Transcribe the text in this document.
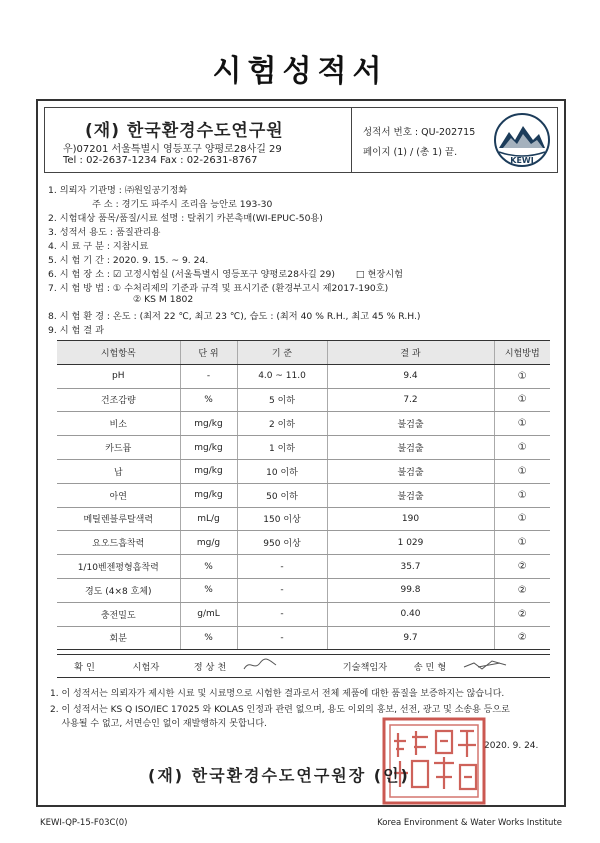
시험성적서
(재) 한국환경수도연구원
우)07201 서울특별시 영등포구 양평로28사길 29
Tel : 02-2637-1234 Fax : 02-2631-8767
성적서 번호 : QU-202715
페이지 (1) / (총 1) 끝.
KEWI
1. 의뢰자 기관명 : ㈜원일공기정화
주 소 : 경기도 파주시 조리읍 능안로 193-30
2. 시험대상 품목/품질/시료 설명 : 탈취기 카본촉매(WI-EPUC-50용)
3. 성적서 용도 : 품질관리용
4. 시 료 구 분 : 지참시료
5. 시 험 기 간 : 2020. 9. 15. ~ 9. 24.
6. 시 험 장 소 : ☑ 고정시험실 (서울특별시 영등포구 양평로28사길 29) □ 현장시험
7. 시 험 방 법 : ① 수처리제의 기준과 규격 및 표시기준 (환경부고시 제2017-190호)
② KS M 1802
8. 시 험 환 경 : 온도 : (최저 22 ℃, 최고 23 ℃), 습도 : (최저 40 % R.H., 최고 45 % R.H.)
9. 시 험 결 과
시험항목	단 위	기 준	결 과	시험방법
pH	-	4.0 ~ 11.0	9.4	①
건조감량	%	5 이하	7.2	①
비소	mg/kg	2 이하	불검출	①
카드뮴	mg/kg	1 이하	불검출	①
납	mg/kg	10 이하	불검출	①
아연	mg/kg	50 이하	불검출	①
메틸렌블루탈색력	mL/g	150 이상	190	①
요오드흡착력	mg/g	950 이상	1 029	①
1/10벤젠평형흡착력	%	-	35.7	②
경도 (4×8 호체)	%	-	99.8	②
충전밀도	g/mL	-	0.40	②
회분	%	-	9.7	②
확 인	시험자	정 상 천		기술책임자	송 민 형	
1. 이 성적서는 의뢰자가 제시한 시료 및 시료명으로 시험한 결과로서 전체 제품에 대한 품질을 보증하지는 않습니다.
2. 이 성적서는 KS Q ISO/IEC 17025 와 KOLAS 인정과 관련 없으며, 용도 이외의 홍보, 선전, 광고 및 소송용 등으로
사용될 수 없고, 서면승인 없이 재발행하지 못합니다.
2020. 9. 24.
(재) 한국환경수도연구원장 (인)
KEWI-QP-15-F03C(0)	Korea Environment & Water Works Institute
